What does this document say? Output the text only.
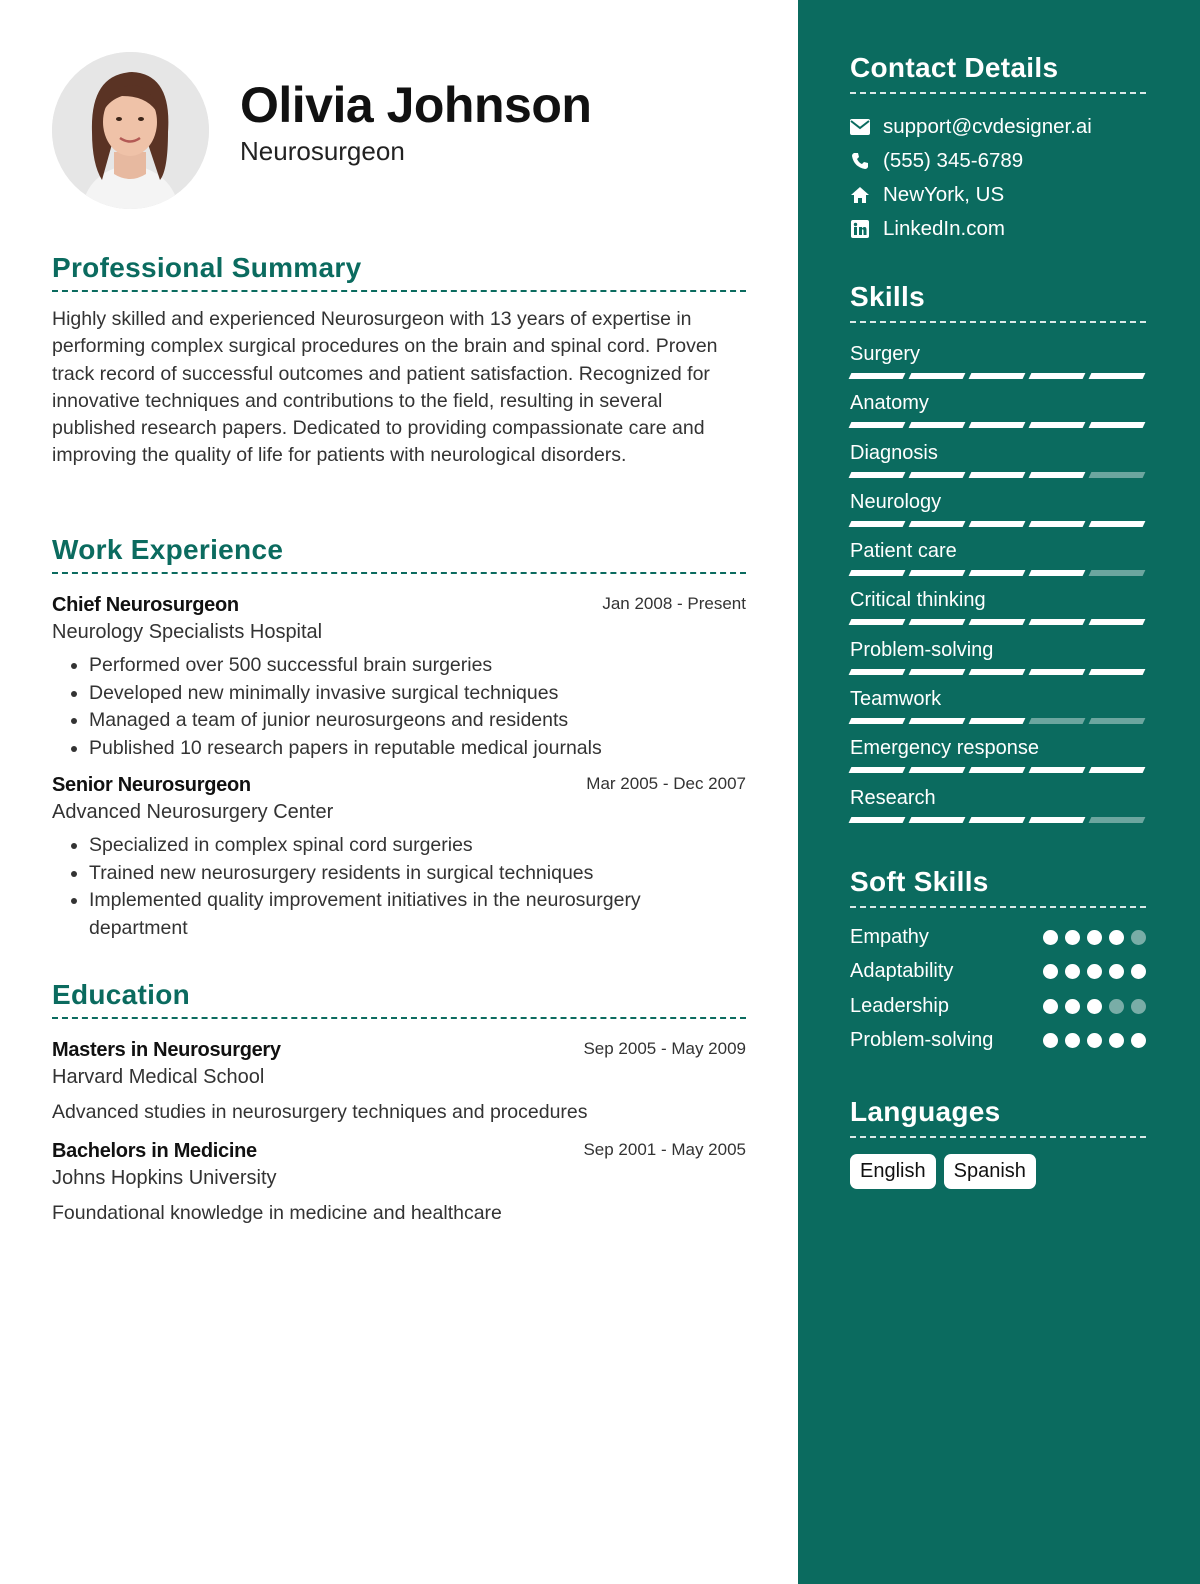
Olivia Johnson
Neurosurgeon
Professional Summary
Highly skilled and experienced Neurosurgeon with 13 years of expertise in performing complex surgical procedures on the brain and spinal cord. Proven track record of successful outcomes and patient satisfaction. Recognized for innovative techniques and contributions to the field, resulting in several published research papers. Dedicated to providing compassionate care and improving the quality of life for patients with neurological disorders.
Work Experience
Chief Neurosurgeon	Jan 2008 - Present
Neurology Specialists Hospital
• Performed over 500 successful brain surgeries
• Developed new minimally invasive surgical techniques
• Managed a team of junior neurosurgeons and residents
• Published 10 research papers in reputable medical journals
Senior Neurosurgeon	Mar 2005 - Dec 2007
Advanced Neurosurgery Center
• Specialized in complex spinal cord surgeries
• Trained new neurosurgery residents in surgical techniques
• Implemented quality improvement initiatives in the neurosurgery department
Education
Masters in Neurosurgery	Sep 2005 - May 2009
Harvard Medical School
Advanced studies in neurosurgery techniques and procedures
Bachelors in Medicine	Sep 2001 - May 2005
Johns Hopkins University
Foundational knowledge in medicine and healthcare
Contact Details
support@cvdesigner.ai
(555) 345-6789
NewYork, US
LinkedIn.com
Skills
Surgery
Anatomy
Diagnosis
Neurology
Patient care
Critical thinking
Problem-solving
Teamwork
Emergency response
Research
Soft Skills
Empathy
Adaptability
Leadership
Problem-solving
Languages
English	Spanish
